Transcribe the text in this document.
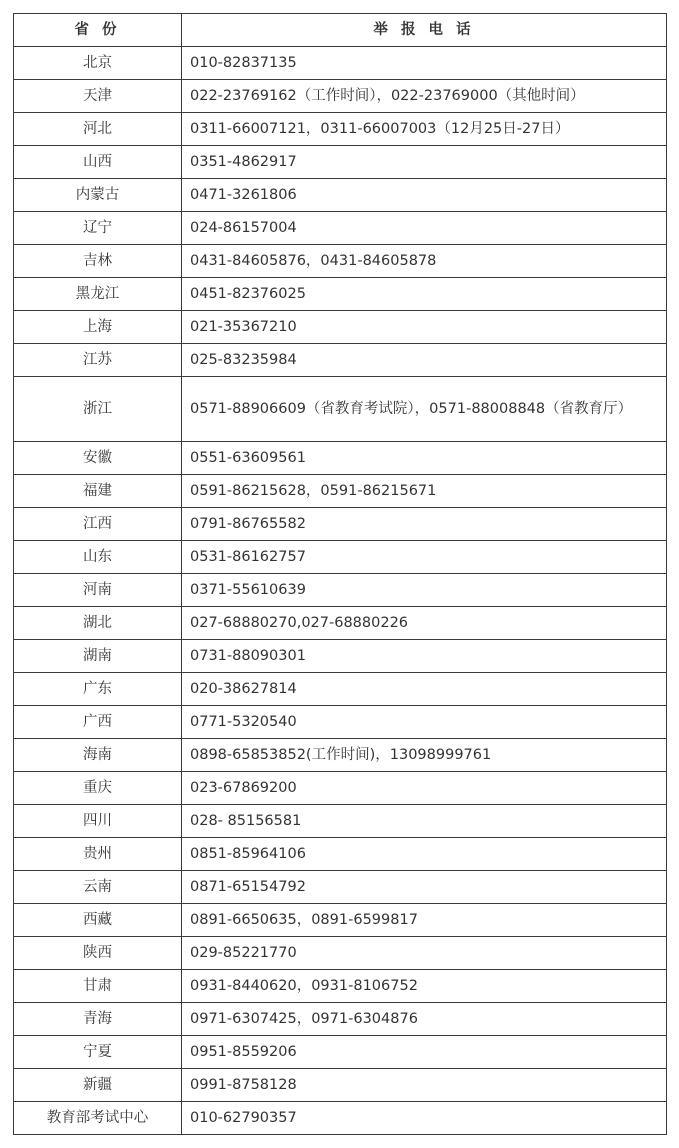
省 份	举 报 电 话
北京	010-82837135
天津	022-23769162（工作时间），022-23769000（其他时间）
河北	0311-66007121，0311-66007003（12月25日-27日）
山西	0351-4862917
内蒙古	0471-3261806
辽宁	024-86157004
吉林	0431-84605876，0431-84605878
黑龙江	0451-82376025
上海	021-35367210
江苏	025-83235984
浙江	0571-88906609（省教育考试院），0571-88008848（省教育厅）
安徽	0551-63609561
福建	0591-86215628，0591-86215671
江西	0791-86765582
山东	0531-86162757
河南	0371-55610639
湖北	027-68880270,027-68880226
湖南	0731-88090301
广东	020-38627814
广西	0771-5320540
海南	0898-65853852(工作时间)，13098999761
重庆	023-67869200
四川	028- 85156581
贵州	0851-85964106
云南	0871-65154792
西藏	0891-6650635，0891-6599817
陕西	029-85221770
甘肃	0931-8440620，0931-8106752
青海	0971-6307425，0971-6304876
宁夏	0951-8559206
新疆	0991-8758128
教育部考试中心	010-62790357
